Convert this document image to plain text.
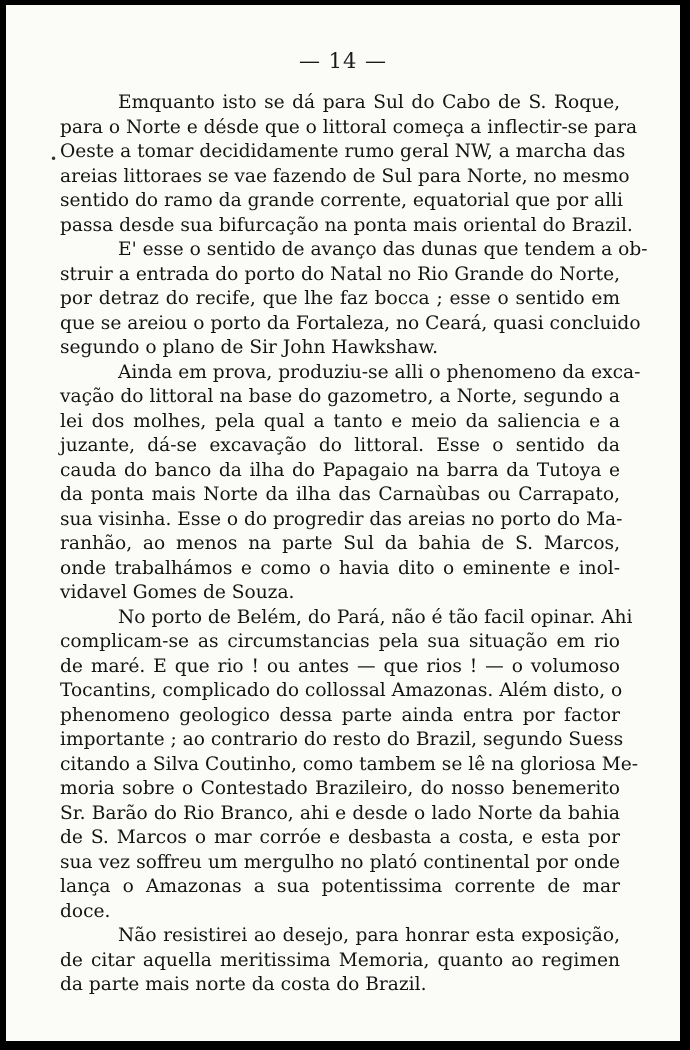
— 14 —
Emquanto isto se dá para Sul do Cabo de S. Roque,
para o Norte e désde que o littoral começa a inflectir-se para
Oeste a tomar decididamente rumo geral NW, a marcha das
areias littoraes se vae fazendo de Sul para Norte, no mesmo
sentido do ramo da grande corrente, equatorial que por alli
passa desde sua bifurcação na ponta mais oriental do Brazil.
E' esse o sentido de avanço das dunas que tendem a ob-
struir a entrada do porto do Natal no Rio Grande do Norte,
por detraz do recife, que lhe faz bocca ; esse o sentido em
que se areiou o porto da Fortaleza, no Ceará, quasi concluido
segundo o plano de Sir John Hawkshaw.
Ainda em prova, produziu-se alli o phenomeno da exca-
vação do littoral na base do gazometro, a Norte, segundo a
lei dos molhes, pela qual a tanto e meio da saliencia e a
juzante, dá-se excavação do littoral. Esse o sentido da
cauda do banco da ilha do Papagaio na barra da Tutoya e
da ponta mais Norte da ilha das Carnaùbas ou Carrapato,
sua visinha. Esse o do progredir das areias no porto do Ma-
ranhão, ao menos na parte Sul da bahia de S. Marcos,
onde trabalhámos e como o havia dito o eminente e inol-
vidavel Gomes de Souza.
No porto de Belém, do Pará, não é tão facil opinar. Ahi
complicam-se as circumstancias pela sua situação em rio
de maré. E que rio ! ou antes — que rios ! — o volumoso
Tocantins, complicado do collossal Amazonas. Além disto, o
phenomeno geologico dessa parte ainda entra por factor
importante ; ao contrario do resto do Brazil, segundo Suess
citando a Silva Coutinho, como tambem se lê na gloriosa Me-
moria sobre o Contestado Brazileiro, do nosso benemerito
Sr. Barão do Rio Branco, ahi e desde o lado Norte da bahia
de S. Marcos o mar corróe e desbasta a costa, e esta por
sua vez soffreu um mergulho no plató continental por onde
lança o Amazonas a sua potentissima corrente de mar
doce.
Não resistirei ao desejo, para honrar esta exposição,
de citar aquella meritissima Memoria, quanto ao regimen
da parte mais norte da costa do Brazil.
•
